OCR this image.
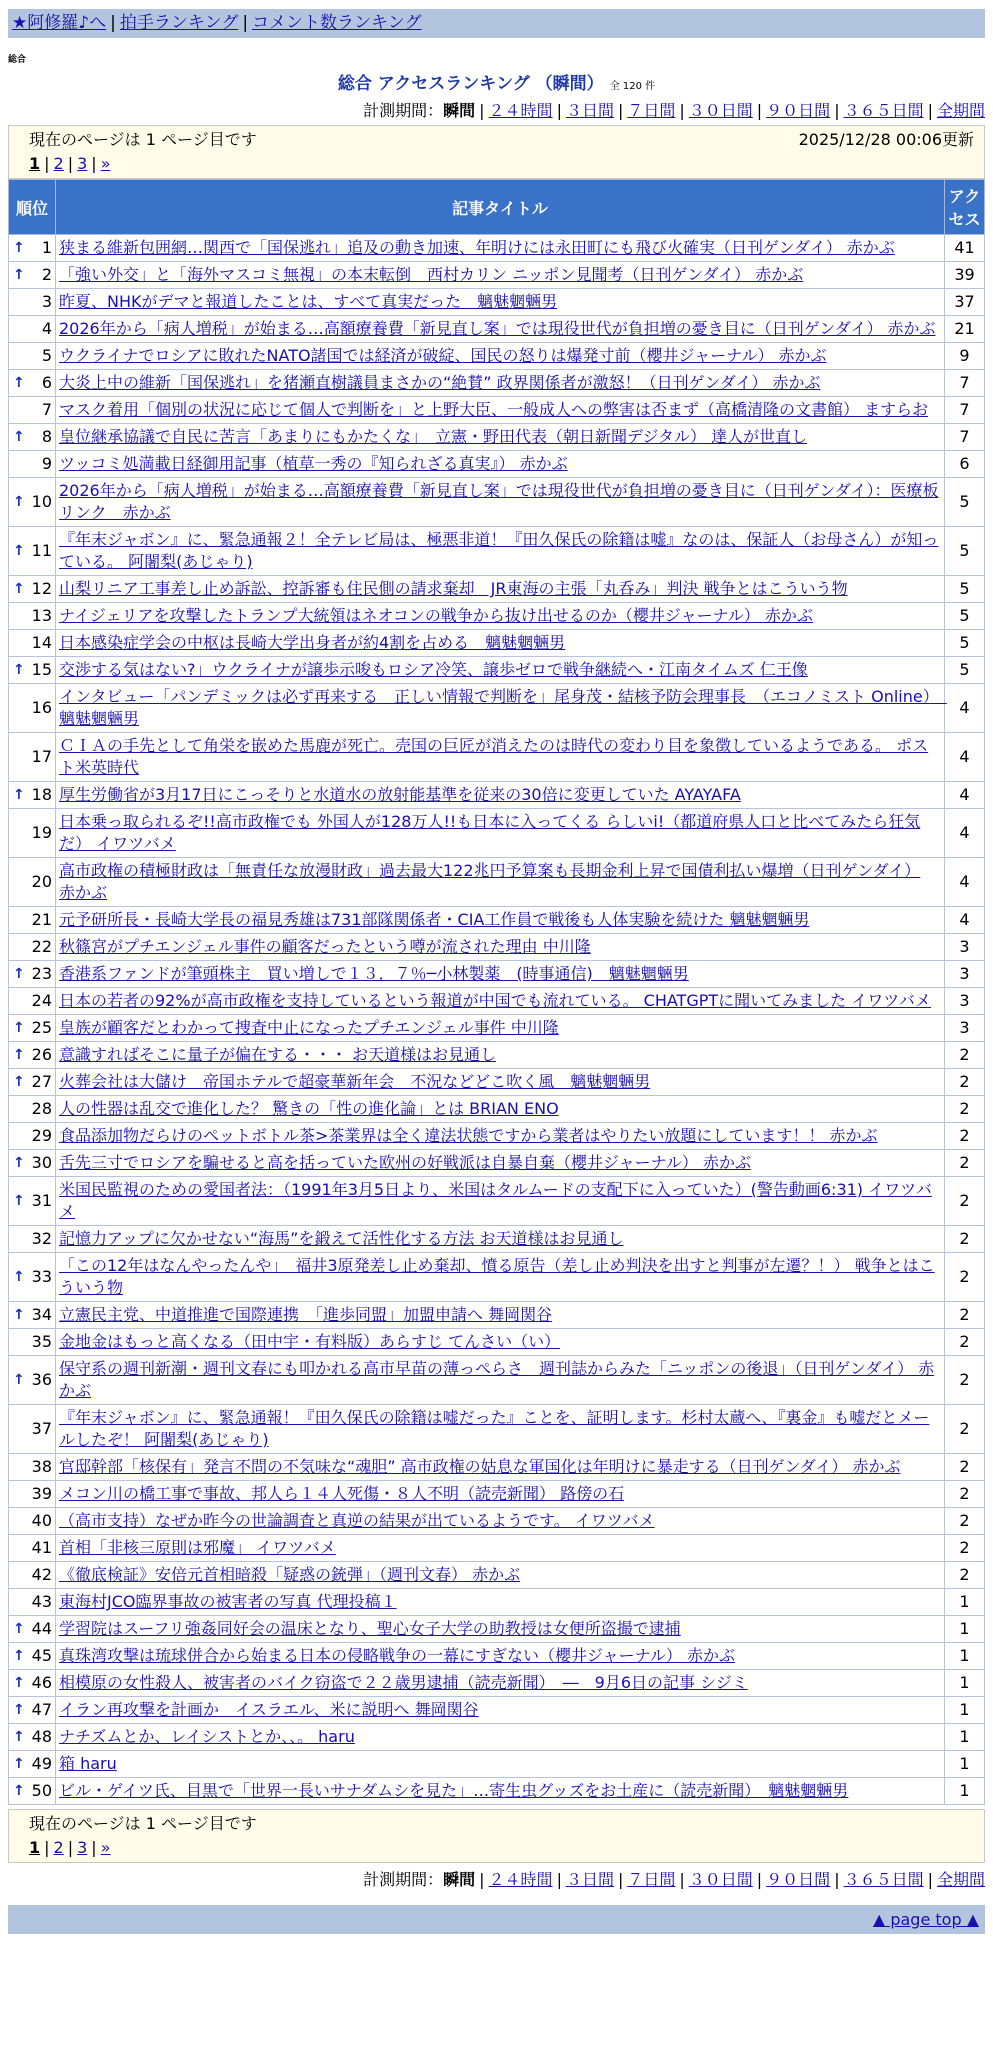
★阿修羅♪へ | 拍手ランキング | コメント数ランキング
総合
総合 アクセスランキング （瞬間） 全 120 件
計測期間：瞬間 | ２４時間 | ３日間 | ７日間 | ３０日間 | ９０日間 | ３６５日間 | 全期間
現在のページは 1 ページ目です	2025/12/28 00:06更新
1 | 2 | 3 | »
順位	記事タイトル	アクセス

↑ 1	狭まる維新包囲網…関西で「国保逃れ」追及の動き加速、年明けには永田町にも飛び火確実（日刊ゲンダイ） 赤かぶ	41

↑ 2	「強い外交」と「海外マスコミ無視」の本末転倒　西村カリン ニッポン見聞考（日刊ゲンダイ） 赤かぶ	39
3	昨夏、NHKがデマと報道したことは、すべて真実だった　魑魅魍魎男	37
4	2026年から「病人増税」が始まる…高額療養費「新見直し案」では現役世代が負担増の憂き目に（日刊ゲンダイ） 赤かぶ	21
5	ウクライナでロシアに敗れたNATO諸国では経済が破綻、国民の怒りは爆発寸前（櫻井ジャーナル） 赤かぶ	9

↑ 6	大炎上中の維新「国保逃れ」を猪瀬直樹議員まさかの“絶賛” 政界関係者が激怒！（日刊ゲンダイ） 赤かぶ	7
7	マスク着用「個別の状況に応じて個人で判断を」と上野大臣、一般成人への弊害は否まず（高橋清隆の文書館） ますらお	7

↑ 8	皇位継承協議で自民に苦言「あまりにもかたくな」　立憲・野田代表（朝日新聞デジタル） 達人が世直し	7
9	ツッコミ処満載日経御用記事（植草一秀の『知られざる真実』） 赤かぶ	6

↑ 10	2026年から「病人増税」が始まる…高額療養費「新見直し案」では現役世代が負担増の憂き目に（日刊ゲンダイ）：医療板リンク　赤かぶ	5

↑ 11	『年末ジャボン』に、緊急通報２！全テレビ局は、極悪非道！『田久保氏の除籍は嘘』なのは、保証人（お母さん）が知っている。 阿闍梨(あじゃり)	5

↑ 12	山梨リニア工事差し止め訴訟、控訴審も住民側の請求棄却　JR東海の主張「丸呑み」判決 戦争とはこういう物	5
13	ナイジェリアを攻撃したトランプ大統領はネオコンの戦争から抜け出せるのか（櫻井ジャーナル） 赤かぶ	5
14	日本感染症学会の中枢は長崎大学出身者が約4割を占める　魑魅魍魎男	5

↑ 15	交渉する気はない?」ウクライナが譲歩示唆もロシア冷笑、譲歩ゼロで戦争継続へ・江南タイムズ 仁王像	5
16	インタビュー「パンデミックは必ず再来する　正しい情報で判断を」尾身茂・結核予防会理事長　（エコノミスト Online）　魑魅魍魎男	4
17	ＣＩＡの手先として角栄を嵌めた馬鹿が死亡。売国の巨匠が消えたのは時代の変わり目を象徴しているようである。 ポスト米英時代	4

↑ 18	厚生労働省が3月17日にこっそりと水道水の放射能基準を従来の30倍に変更していた AYAYAFA	4
19	日本乗っ取られるぞ!!高市政権でも 外国人が128万人!!も日本に入ってくる らしいi!（都道府県人口と比べてみたら狂気だ） イワツバメ	4
20	高市政権の積極財政は「無責任な放漫財政」過去最大122兆円予算案も長期金利上昇で国債利払い爆増（日刊ゲンダイ） 赤かぶ	4
21	元予研所長・長崎大学長の福見秀雄は731部隊関係者・CIA工作員で戦後も人体実験を続けた 魑魅魍魎男	4
22	秋篠宮がプチエンジェル事件の顧客だったという噂が流された理由 中川隆	3

↑ 23	香港系ファンドが筆頭株主　買い増しで１３．７％─小林製薬　(時事通信)　魑魅魍魎男	3
24	日本の若者の92%が高市政権を支持しているという報道が中国でも流れている。 CHATGPTに聞いてみました イワツバメ	3

↑ 25	皇族が顧客だとわかって捜査中止になったプチエンジェル事件 中川隆	3

↑ 26	意識すればそこに量子が偏在する・・・ お天道様はお見通し	2

↑ 27	火葬会社は大儲け　帝国ホテルで超豪華新年会　不況などどこ吹く風　魑魅魍魎男	2
28	人の性器は乱交で進化した？ 驚きの「性の進化論」とは BRIAN ENO	2
29	食品添加物だらけのペットボトル茶>茶業界は全く違法状態ですから業者はやりたい放題にしています！！ 赤かぶ	2

↑ 30	舌先三寸でロシアを騙せると高を括っていた欧州の好戦派は自暴自棄（櫻井ジャーナル） 赤かぶ	2

↑ 31	米国民監視のための愛国者法：（1991年3月5日より、米国はタルムードの支配下に入っていた）(警告動画6:31) イワツバメ	2
32	記憶力アップに欠かせない“海馬”を鍛えて活性化する方法 お天道様はお見通し	2

↑ 33	「この12年はなんやったんや」　福井3原発差し止め棄却、憤る原告（差し止め判決を出すと判事が左遷？！） 戦争とはこういう物	2

↑ 34	立憲民主党、中道推進で国際連携　「進歩同盟」加盟申請へ 舞岡関谷	2
35	金地金はもっと高くなる（田中宇・有料版）あらすじ てんさい（い）	2

↑ 36	保守系の週刊新潮・週刊文春にも叩かれる高市早苗の薄っぺらさ　週刊誌からみた「ニッポンの後退」（日刊ゲンダイ） 赤かぶ	2
37	『年末ジャボン』に、緊急通報！『田久保氏の除籍は嘘だった』ことを、証明します。杉村太蔵へ、『裏金』も嘘だとメールしたぞ！ 阿闍梨(あじゃり)	2
38	官邸幹部「核保有」発言不問の不気味な“魂胆” 高市政権の姑息な軍国化は年明けに暴走する（日刊ゲンダイ） 赤かぶ	2
39	メコン川の橋工事で事故、邦人ら１４人死傷・８人不明（読売新聞） 路傍の石	2
40	（高市支持）なぜか昨今の世論調査と真逆の結果が出ているようです。 イワツバメ	2
41	首相「非核三原則は邪魔」 イワツバメ	2
42	《徹底検証》安倍元首相暗殺「疑惑の銃弾」（週刊文春） 赤かぶ	2
43	東海村JCO臨界事故の被害者の写真 代理投稿１	1

↑ 44	学習院はスーフリ強姦同好会の温床となり、聖心女子大学の助教授は女便所盗撮で逮捕	1

↑ 45	真珠湾攻撃は琉球併合から始まる日本の侵略戦争の一幕にすぎない（櫻井ジャーナル） 赤かぶ	1

↑ 46	相模原の女性殺人、被害者のバイク窃盗で２２歳男逮捕（読売新聞）　―　9月6日の記事 シジミ	1

↑ 47	イラン再攻撃を計画か　イスラエル、米に説明へ 舞岡関谷	1

↑ 48	ナチズムとか、レイシストとか、、。 haru	1

↑ 49	箱 haru	1

↑ 50	ビル・ゲイツ氏、目黒で「世界一長いサナダムシを見た」…寄生虫グッズをお土産に（読売新聞）　魑魅魍魎男	1
現在のページは 1 ページ目です
1 | 2 | 3 | »
計測期間：瞬間 | ２４時間 | ３日間 | ７日間 | ３０日間 | ９０日間 | ３６５日間 | 全期間
▲ page top ▲
